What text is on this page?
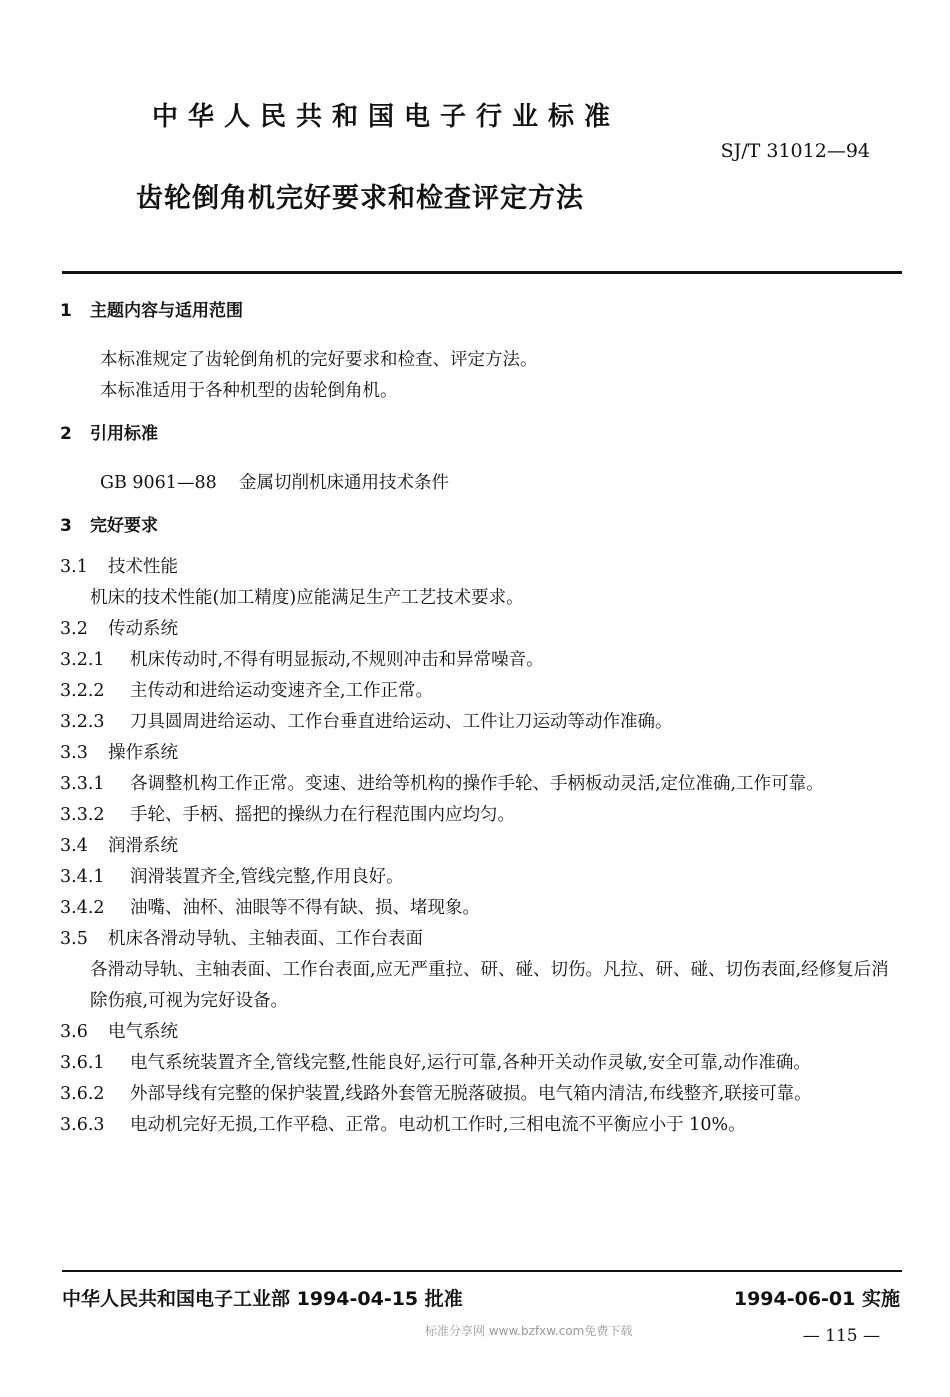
中华人民共和国电子行业标准
SJ/T 31012—94
齿轮倒角机完好要求和检查评定方法
1	主题内容与适用范围
本标准规定了齿轮倒角机的完好要求和检查、评定方法。
本标准适用于各种机型的齿轮倒角机。
2	引用标准
GB 9061—88 金属切削机床通用技术条件
3	完好要求
3.1	技术性能
机床的技术性能(加工精度)应能满足生产工艺技术要求。
3.2	传动系统
3.2.1	机床传动时,不得有明显振动,不规则冲击和异常噪音。
3.2.2	主传动和进给运动变速齐全,工作正常。
3.2.3	刀具圆周进给运动、工作台垂直进给运动、工件让刀运动等动作准确。
3.3	操作系统
3.3.1	各调整机构工作正常。变速、进给等机构的操作手轮、手柄板动灵活,定位准确,工作可靠。
3.3.2	手轮、手柄、摇把的操纵力在行程范围内应均匀。
3.4	润滑系统
3.4.1	润滑装置齐全,管线完整,作用良好。
3.4.2	油嘴、油杯、油眼等不得有缺、损、堵现象。
3.5	机床各滑动导轨、主轴表面、工作台表面
各滑动导轨、主轴表面、工作台表面,应无严重拉、研、碰、切伤。凡拉、研、碰、切伤表面,经修复后消除伤痕,可视为完好设备。
3.6	电气系统
3.6.1	电气系统装置齐全,管线完整,性能良好,运行可靠,各种开关动作灵敏,安全可靠,动作准确。
3.6.2	外部导线有完整的保护装置,线路外套管无脱落破损。电气箱内清洁,布线整齐,联接可靠。
3.6.3	电动机完好无损,工作平稳、正常。电动机工作时,三相电流不平衡应小于 10%。
中华人民共和国电子工业部 1994-04-15 批准	1994-06-01 实施
标准分享网 www.bzfxw.com免费下载	— 115 —
